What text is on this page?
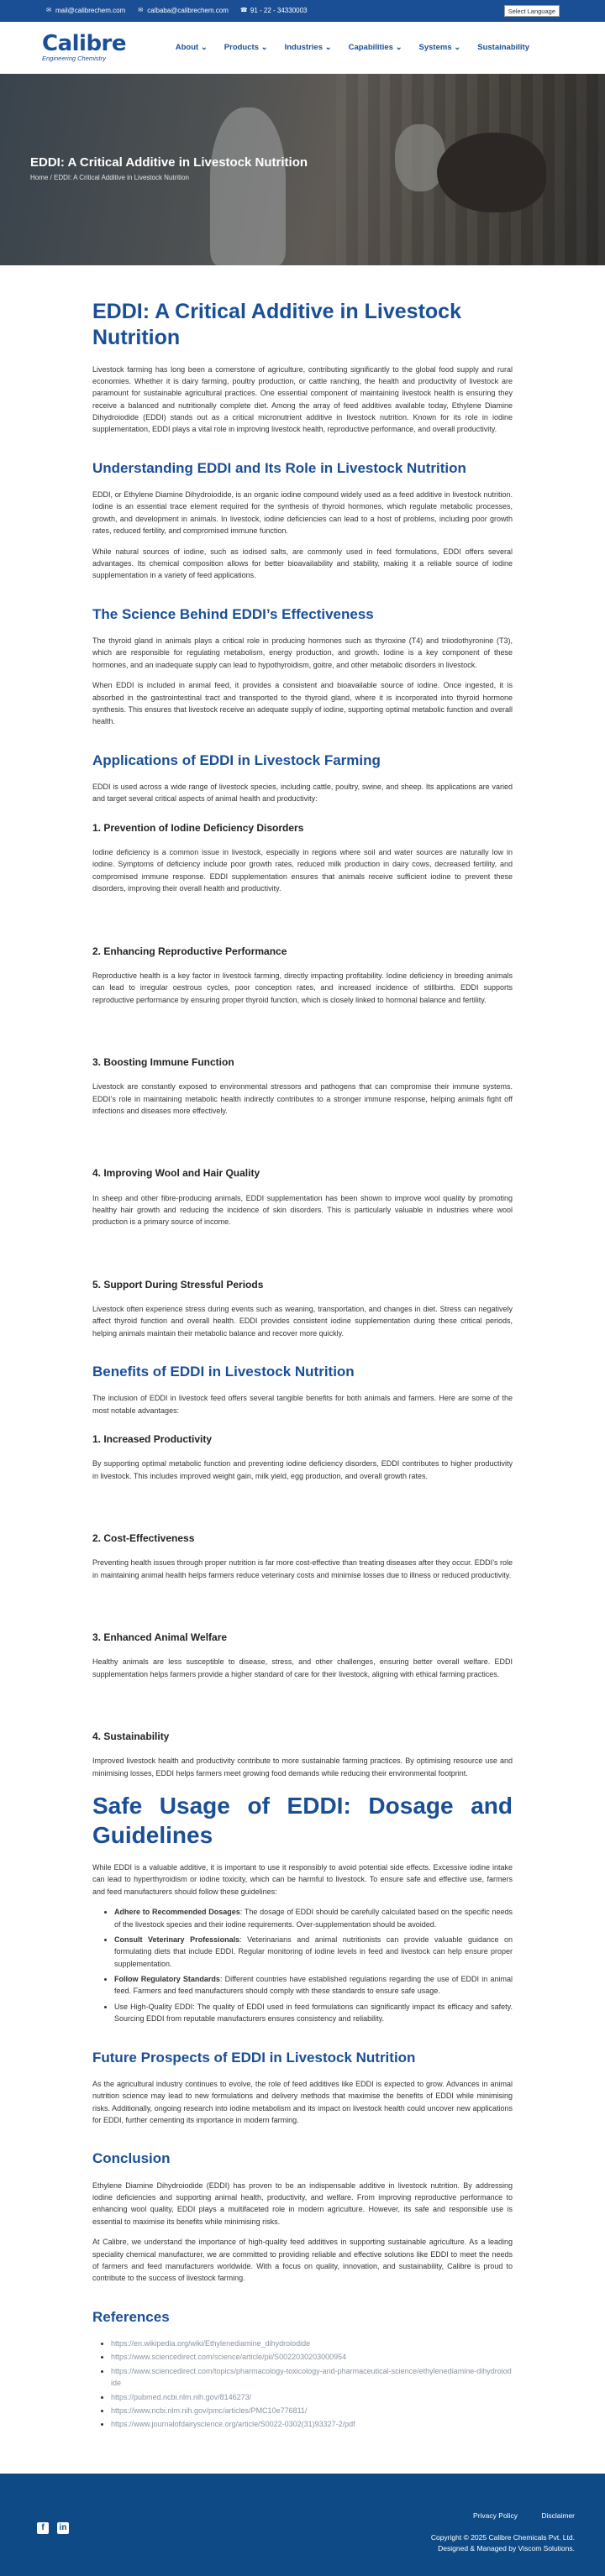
✉ mail@calibrechem.com ✉ calbaba@calibrechem.com ☎ 91 - 22 - 34330003	Select Language
Calibre
Engineering Chemistry
About ⌄ Products ⌄ Industries ⌄ Capabilities ⌄ Systems ⌄ Sustainability
EDDI: A Critical Additive in Livestock Nutrition
Home / EDDI: A Critical Additive in Livestock Nutrition
EDDI: A Critical Additive in Livestock Nutrition

Livestock farming has long been a cornerstone of agriculture, contributing significantly to the global food supply and rural economies. Whether it is dairy farming, poultry production, or cattle ranching, the health and productivity of livestock are paramount for sustainable agricultural practices. One essential component of maintaining livestock health is ensuring they receive a balanced and nutritionally complete diet. Among the array of feed additives available today, Ethylene Diamine Dihydroiodide (EDDI) stands out as a critical micronutrient additive in livestock nutrition. Known for its role in iodine supplementation, EDDI plays a vital role in improving livestock health, reproductive performance, and overall productivity.

Understanding EDDI and Its Role in Livestock Nutrition

EDDI, or Ethylene Diamine Dihydroiodide, is an organic iodine compound widely used as a feed additive in livestock nutrition. Iodine is an essential trace element required for the synthesis of thyroid hormones, which regulate metabolic processes, growth, and development in animals. In livestock, iodine deficiencies can lead to a host of problems, including poor growth rates, reduced fertility, and compromised immune function.

While natural sources of iodine, such as iodised salts, are commonly used in feed formulations, EDDI offers several advantages. Its chemical composition allows for better bioavailability and stability, making it a reliable source of iodine supplementation in a variety of feed applications.

The Science Behind EDDI’s Effectiveness

The thyroid gland in animals plays a critical role in producing hormones such as thyroxine (T4) and triiodothyronine (T3), which are responsible for regulating metabolism, energy production, and growth. Iodine is a key component of these hormones, and an inadequate supply can lead to hypothyroidism, goitre, and other metabolic disorders in livestock.

When EDDI is included in animal feed, it provides a consistent and bioavailable source of iodine. Once ingested, it is absorbed in the gastrointestinal tract and transported to the thyroid gland, where it is incorporated into thyroid hormone synthesis. This ensures that livestock receive an adequate supply of iodine, supporting optimal metabolic function and overall health.

Applications of EDDI in Livestock Farming

EDDI is used across a wide range of livestock species, including cattle, poultry, swine, and sheep. Its applications are varied and target several critical aspects of animal health and productivity:

1. Prevention of Iodine Deficiency Disorders

Iodine deficiency is a common issue in livestock, especially in regions where soil and water sources are naturally low in iodine. Symptoms of deficiency include poor growth rates, reduced milk production in dairy cows, decreased fertility, and compromised immune response. EDDI supplementation ensures that animals receive sufficient iodine to prevent these disorders, improving their overall health and productivity.

2. Enhancing Reproductive Performance

Reproductive health is a key factor in livestock farming, directly impacting profitability. Iodine deficiency in breeding animals can lead to irregular oestrous cycles, poor conception rates, and increased incidence of stillbirths. EDDI supports reproductive performance by ensuring proper thyroid function, which is closely linked to hormonal balance and fertility.

3. Boosting Immune Function

Livestock are constantly exposed to environmental stressors and pathogens that can compromise their immune systems. EDDI’s role in maintaining metabolic health indirectly contributes to a stronger immune response, helping animals fight off infections and diseases more effectively.

4. Improving Wool and Hair Quality

In sheep and other fibre-producing animals, EDDI supplementation has been shown to improve wool quality by promoting healthy hair growth and reducing the incidence of skin disorders. This is particularly valuable in industries where wool production is a primary source of income.

5. Support During Stressful Periods

Livestock often experience stress during events such as weaning, transportation, and changes in diet. Stress can negatively affect thyroid function and overall health. EDDI provides consistent iodine supplementation during these critical periods, helping animals maintain their metabolic balance and recover more quickly.

Benefits of EDDI in Livestock Nutrition

The inclusion of EDDI in livestock feed offers several tangible benefits for both animals and farmers. Here are some of the most notable advantages:

1. Increased Productivity

By supporting optimal metabolic function and preventing iodine deficiency disorders, EDDI contributes to higher productivity in livestock. This includes improved weight gain, milk yield, egg production, and overall growth rates.

2. Cost-Effectiveness

Preventing health issues through proper nutrition is far more cost-effective than treating diseases after they occur. EDDI’s role in maintaining animal health helps farmers reduce veterinary costs and minimise losses due to illness or reduced productivity.

3. Enhanced Animal Welfare

Healthy animals are less susceptible to disease, stress, and other challenges, ensuring better overall welfare. EDDI supplementation helps farmers provide a higher standard of care for their livestock, aligning with ethical farming practices.

4. Sustainability

Improved livestock health and productivity contribute to more sustainable farming practices. By optimising resource use and minimising losses, EDDI helps farmers meet growing food demands while reducing their environmental footprint.

Safe Usage of EDDI: Dosage and Guidelines

While EDDI is a valuable additive, it is important to use it responsibly to avoid potential side effects. Excessive iodine intake can lead to hyperthyroidism or iodine toxicity, which can be harmful to livestock. To ensure safe and effective use, farmers and feed manufacturers should follow these guidelines:

• Adhere to Recommended Dosages: The dosage of EDDI should be carefully calculated based on the specific needs of the livestock species and their iodine requirements. Over-supplementation should be avoided.
• Consult Veterinary Professionals: Veterinarians and animal nutritionists can provide valuable guidance on formulating diets that include EDDI. Regular monitoring of iodine levels in feed and livestock can help ensure proper supplementation.
• Follow Regulatory Standards: Different countries have established regulations regarding the use of EDDI in animal feed. Farmers and feed manufacturers should comply with these standards to ensure safe usage.
• Use High-Quality EDDI: The quality of EDDI used in feed formulations can significantly impact its efficacy and safety. Sourcing EDDI from reputable manufacturers ensures consistency and reliability.
Future Prospects of EDDI in Livestock Nutrition

As the agricultural industry continues to evolve, the role of feed additives like EDDI is expected to grow. Advances in animal nutrition science may lead to new formulations and delivery methods that maximise the benefits of EDDI while minimising risks. Additionally, ongoing research into iodine metabolism and its impact on livestock health could uncover new applications for EDDI, further cementing its importance in modern farming.

Conclusion

Ethylene Diamine Dihydroiodide (EDDI) has proven to be an indispensable additive in livestock nutrition. By addressing iodine deficiencies and supporting animal health, productivity, and welfare. From improving reproductive performance to enhancing wool quality, EDDI plays a multifaceted role in modern agriculture. However, its safe and responsible use is essential to maximise its benefits while minimising risks.

At Calibre, we understand the importance of high-quality feed additives in supporting sustainable agriculture. As a leading speciality chemical manufacturer, we are committed to providing reliable and effective solutions like EDDI to meet the needs of farmers and feed manufacturers worldwide. With a focus on quality, innovation, and sustainability, Calibre is proud to contribute to the success of livestock farming.

References
• https://en.wikipedia.org/wiki/Ethylenediamine_dihydroiodide
• https://www.sciencedirect.com/science/article/pii/S0022030203000954
• https://www.sciencedirect.com/topics/pharmacology-toxicology-and-pharmaceutical-science/ethylenediamine-dihydroiodide
• https://pubmed.ncbi.nlm.nih.gov/8146273/
• https://www.ncbi.nlm.nih.gov/pmc/articles/PMC10e776811/
• https://www.journalofdairyscience.org/article/S0022-0302(31)93327-2/pdf
f	in
Privacy Policy	Disclaimer
Copyright © 2025 Calibre Chemicals Pvt. Ltd.
Designed & Managed by Viscom Solutions.
